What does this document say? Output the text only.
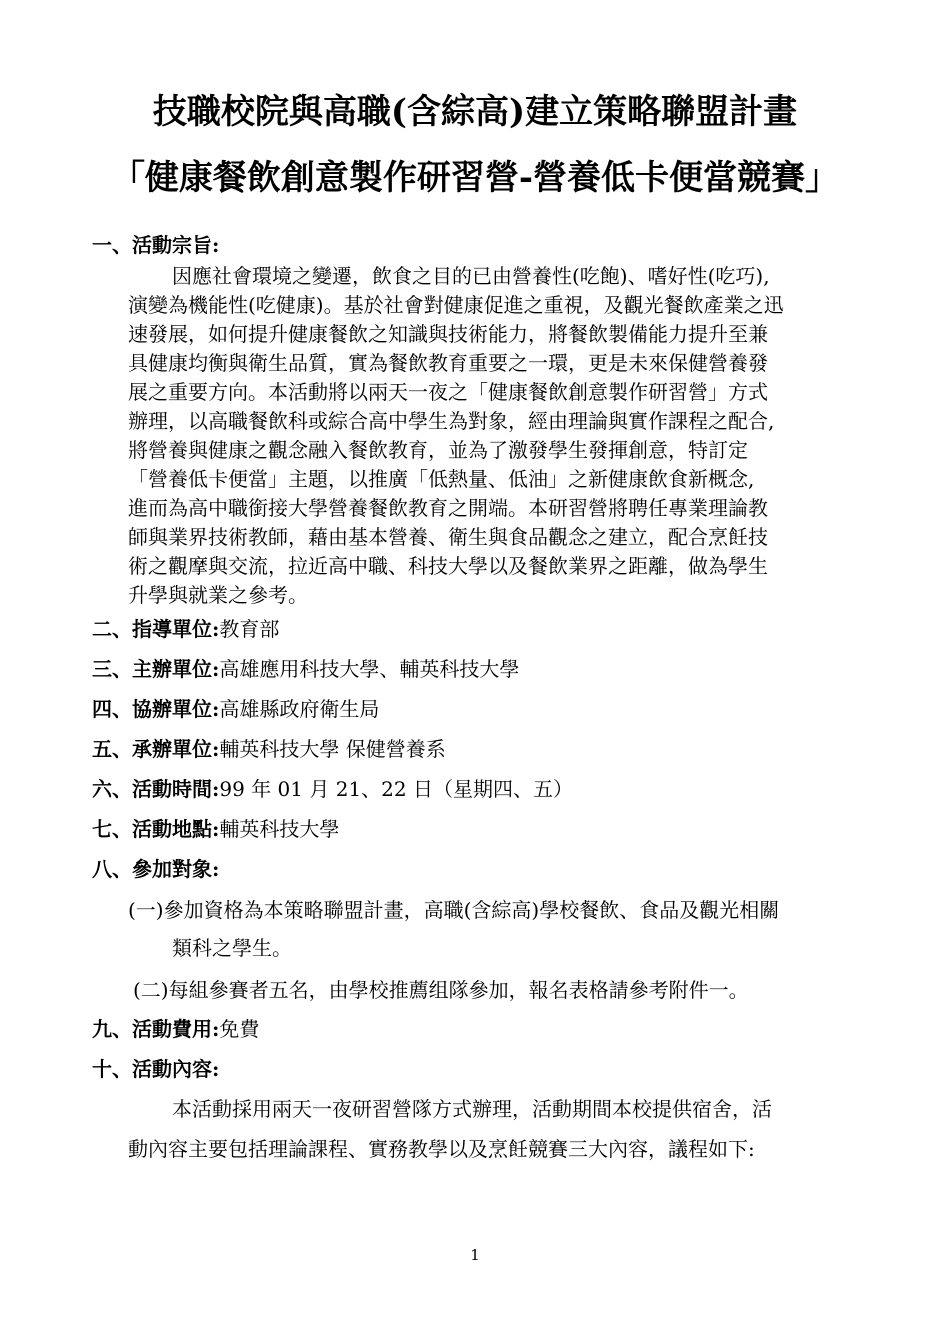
技職校院與高職(含綜高)建立策略聯盟計畫
「健康餐飲創意製作研習營-營養低卡便當競賽」
一、活動宗旨:
因應社會環境之變遷，飲食之目的已由營養性(吃飽)、嗜好性(吃巧),
演變為機能性(吃健康)。基於社會對健康促進之重視，及觀光餐飲產業之迅
速發展，如何提升健康餐飲之知識與技術能力，將餐飲製備能力提升至兼
具健康均衡與衛生品質，實為餐飲教育重要之一環，更是未來保健營養發
展之重要方向。本活動將以兩天一夜之「健康餐飲創意製作研習營」方式
辦理，以高職餐飲科或綜合高中學生為對象，經由理論與實作課程之配合,
將營養與健康之觀念融入餐飲教育，並為了激發學生發揮創意，特訂定
「營養低卡便當」主題，以推廣「低熱量、低油」之新健康飲食新概念,
進而為高中職銜接大學營養餐飲教育之開端。本研習營將聘任專業理論教
師與業界技術教師，藉由基本營養、衛生與食品觀念之建立，配合烹飪技
術之觀摩與交流，拉近高中職、科技大學以及餐飲業界之距離，做為學生
升學與就業之參考。
二、指導單位:教育部
三、主辦單位:高雄應用科技大學、輔英科技大學
四、協辦單位:高雄縣政府衛生局
五、承辦單位:輔英科技大學 保健營養系
六、活動時間:99 年 01 月 21、22 日（星期四、五）
七、活動地點:輔英科技大學
八、參加對象:
(一)參加資格為本策略聯盟計畫，高職(含綜高)學校餐飲、食品及觀光相關
類科之學生。
(二)每組參賽者五名，由學校推薦组隊參加，報名表格請參考附件一。
九、活動費用:免費
十、活動內容:
本活動採用兩天一夜研習營隊方式辦理，活動期間本校提供宿舍，活
動內容主要包括理論課程、實務教學以及烹飪競賽三大內容，議程如下:
1
